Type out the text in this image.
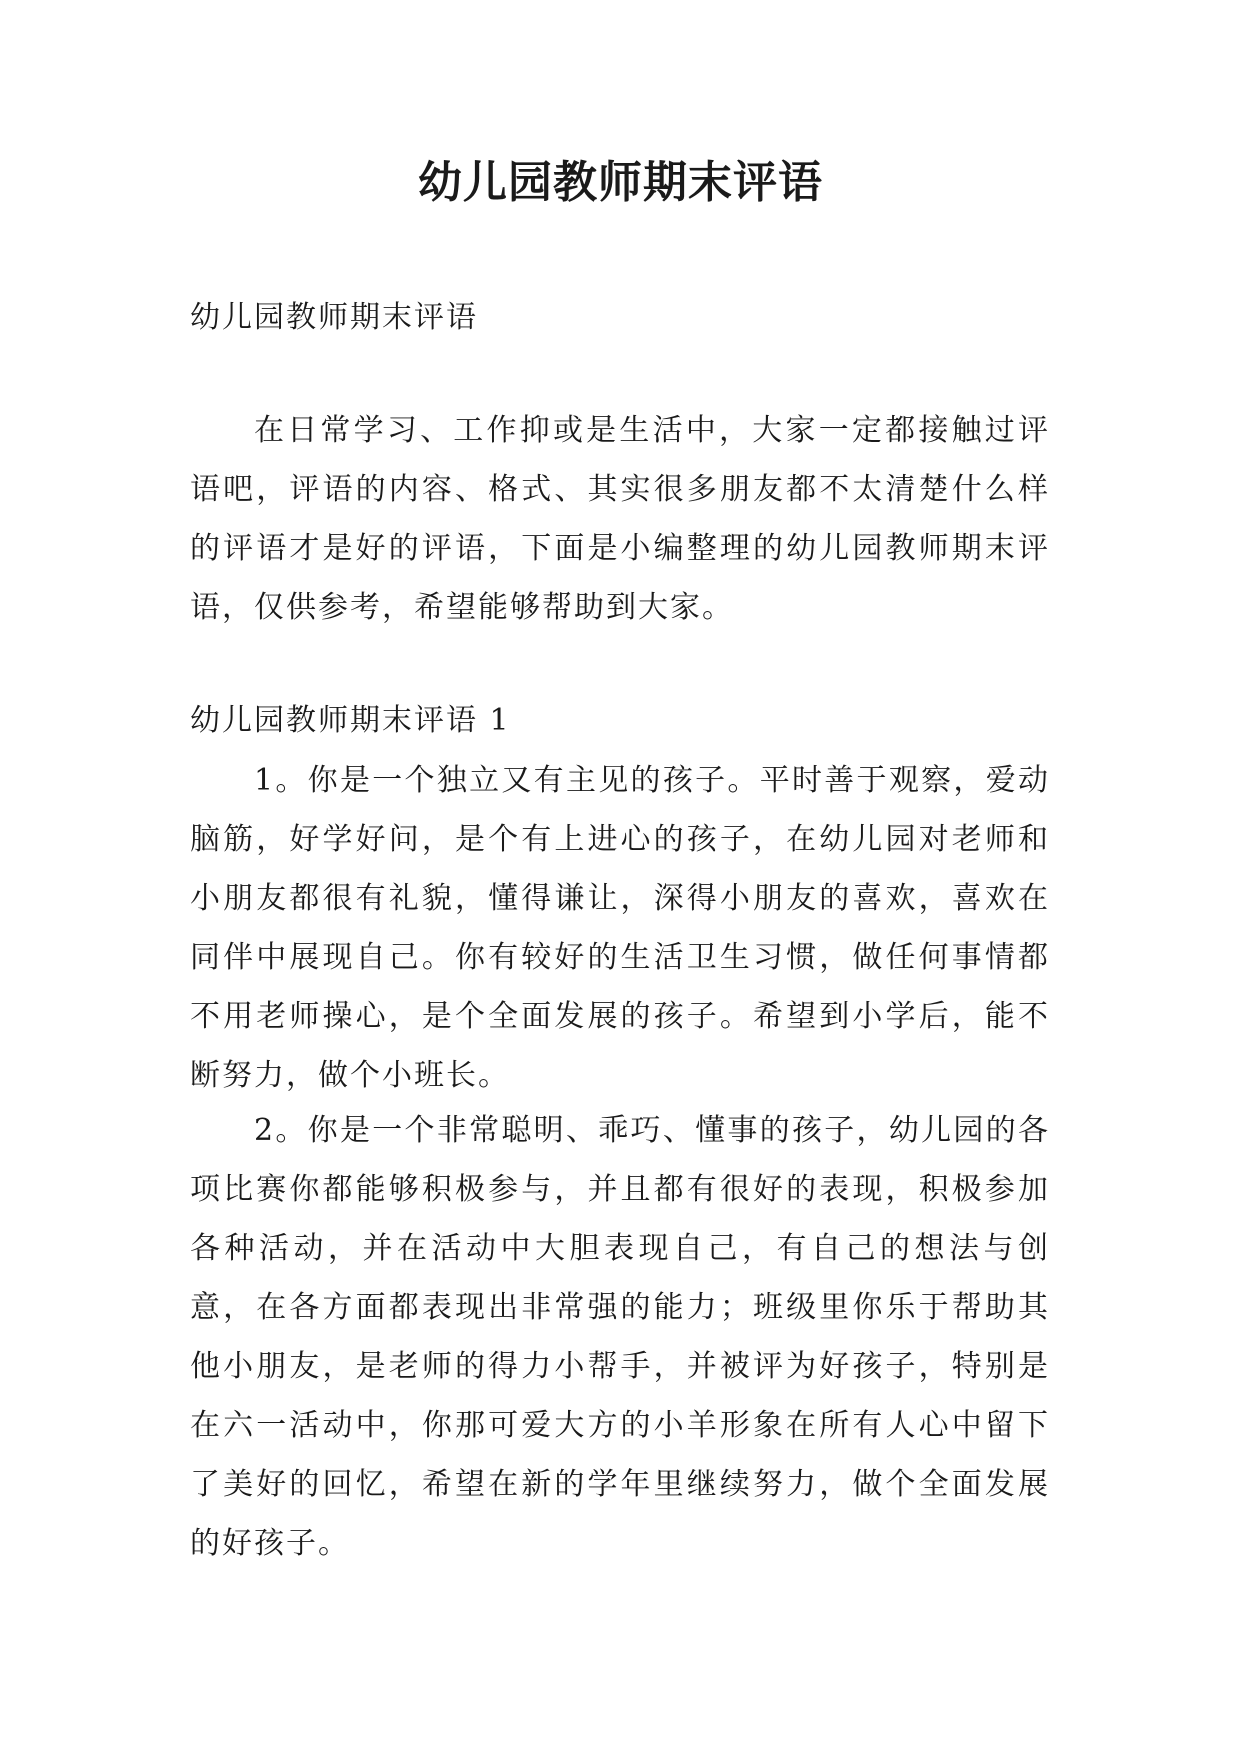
幼儿园教师期末评语

幼儿园教师期末评语

在日常学习、工作抑或是生活中，大家一定都接触过评语吧，评语的内容、格式、其实很多朋友都不太清楚什么样的评语才是好的评语，下面是小编整理的幼儿园教师期末评语，仅供参考，希望能够帮助到大家。

幼儿园教师期末评语 1

1。你是一个独立又有主见的孩子。平时善于观察，爱动脑筋，好学好问，是个有上进心的孩子，在幼儿园对老师和小朋友都很有礼貌，懂得谦让，深得小朋友的喜欢，喜欢在同伴中展现自己。你有较好的生活卫生习惯，做任何事情都不用老师操心，是个全面发展的孩子。希望到小学后，能不断努力，做个小班长。

2。你是一个非常聪明、乖巧、懂事的孩子，幼儿园的各项比赛你都能够积极参与，并且都有很好的表现，积极参加各种活动，并在活动中大胆表现自己，有自己的想法与创意，在各方面都表现出非常强的能力；班级里你乐于帮助其他小朋友，是老师的得力小帮手，并被评为好孩子，特别是在六一活动中，你那可爱大方的小羊形象在所有人心中留下了美好的回忆，希望在新的学年里继续努力，做个全面发展的好孩子。
